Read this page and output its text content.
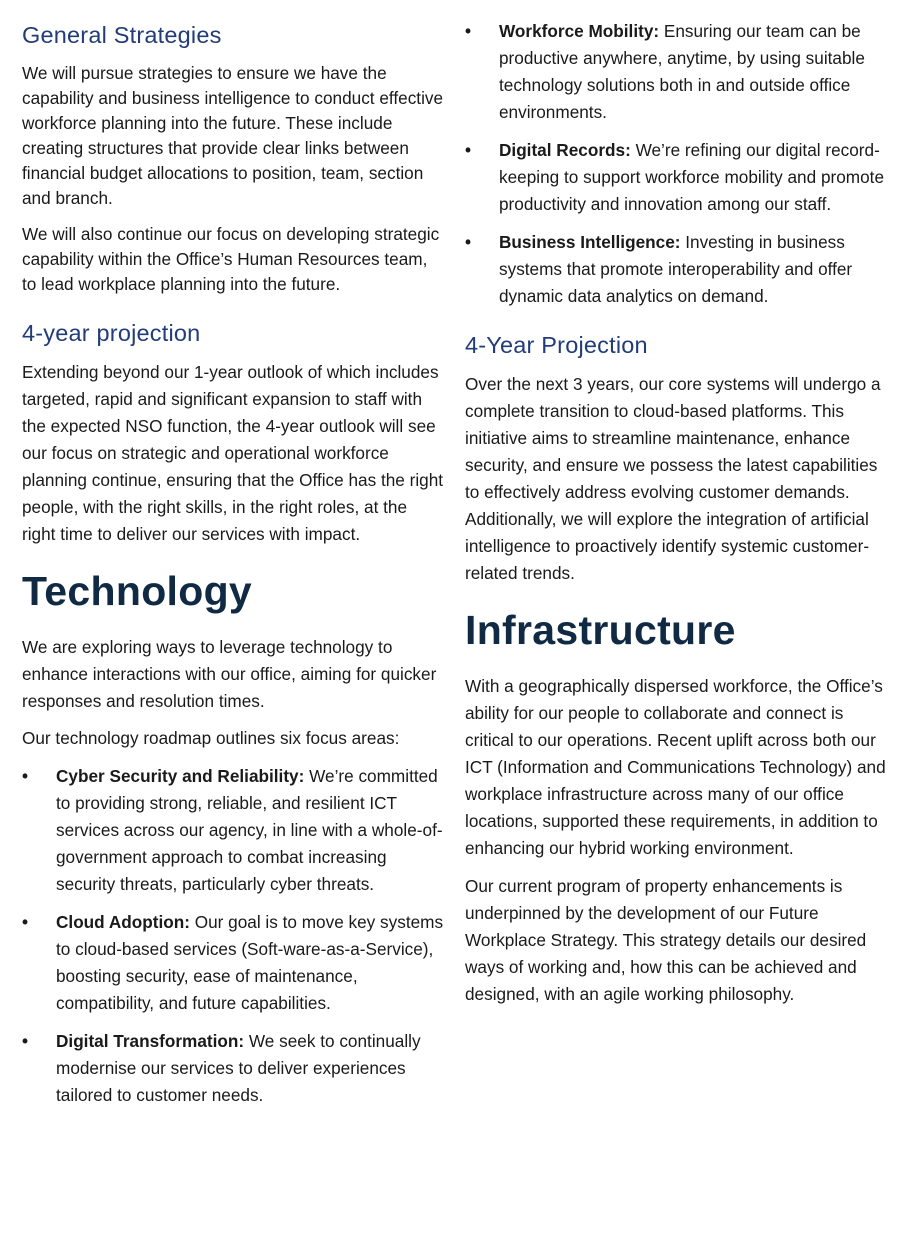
General Strategies

We will pursue strategies to ensure we have the capability and business intelligence to conduct effective workforce planning into the future. These include creating structures that provide clear links between financial budget allocations to position, team, section and branch.

We will also continue our focus on developing strategic capability within the Office’s Human Resources team, to lead workplace planning into the future.

4-year projection

Extending beyond our 1-year outlook of which includes targeted, rapid and significant expansion to staff with the expected NSO function, the 4-year outlook will see our focus on strategic and operational workforce planning continue, ensuring that the Office has the right people, with the right skills, in the right roles, at the right time to deliver our services with impact.

Technology

We are exploring ways to leverage technology to enhance interactions with our office, aiming for quicker responses and resolution times.

Our technology roadmap outlines six focus areas:

•	Cyber Security and Reliability: We’re committed to providing strong, reliable, and resilient ICT services across our agency, in line with a whole-of-government approach to combat increasing security threats, particularly cyber threats.
•	Cloud Adoption: Our goal is to move key systems to cloud-based services (Soft-ware-as-a-Service), boosting security, ease of maintenance, compatibility, and future capabilities.
•	Digital Transformation: We seek to continually modernise our services to deliver experiences tailored to customer needs.
•	Workforce Mobility: Ensuring our team can be productive anywhere, anytime, by using suitable technology solutions both in and outside office environments.
•	Digital Records: We’re refining our digital record-keeping to support workforce mobility and promote productivity and innovation among our staff.
•	Business Intelligence: Investing in business systems that promote interoperability and offer dynamic data analytics on demand.
4-Year Projection

Over the next 3 years, our core systems will undergo a complete transition to cloud-based platforms. This initiative aims to streamline maintenance, enhance security, and ensure we possess the latest capabilities to effectively address evolving customer demands. Additionally, we will explore the integration of artificial intelligence to proactively identify systemic customer-related trends.

Infrastructure

With a geographically dispersed workforce, the Office’s ability for our people to collaborate and connect is critical to our operations. Recent uplift across both our ICT (Information and Communications Technology) and workplace infrastructure across many of our office locations, supported these requirements, in addition to enhancing our hybrid working environment.

Our current program of property enhancements is underpinned by the development of our Future Workplace Strategy. This strategy details our desired ways of working and, how this can be achieved and designed, with an agile working philosophy.
